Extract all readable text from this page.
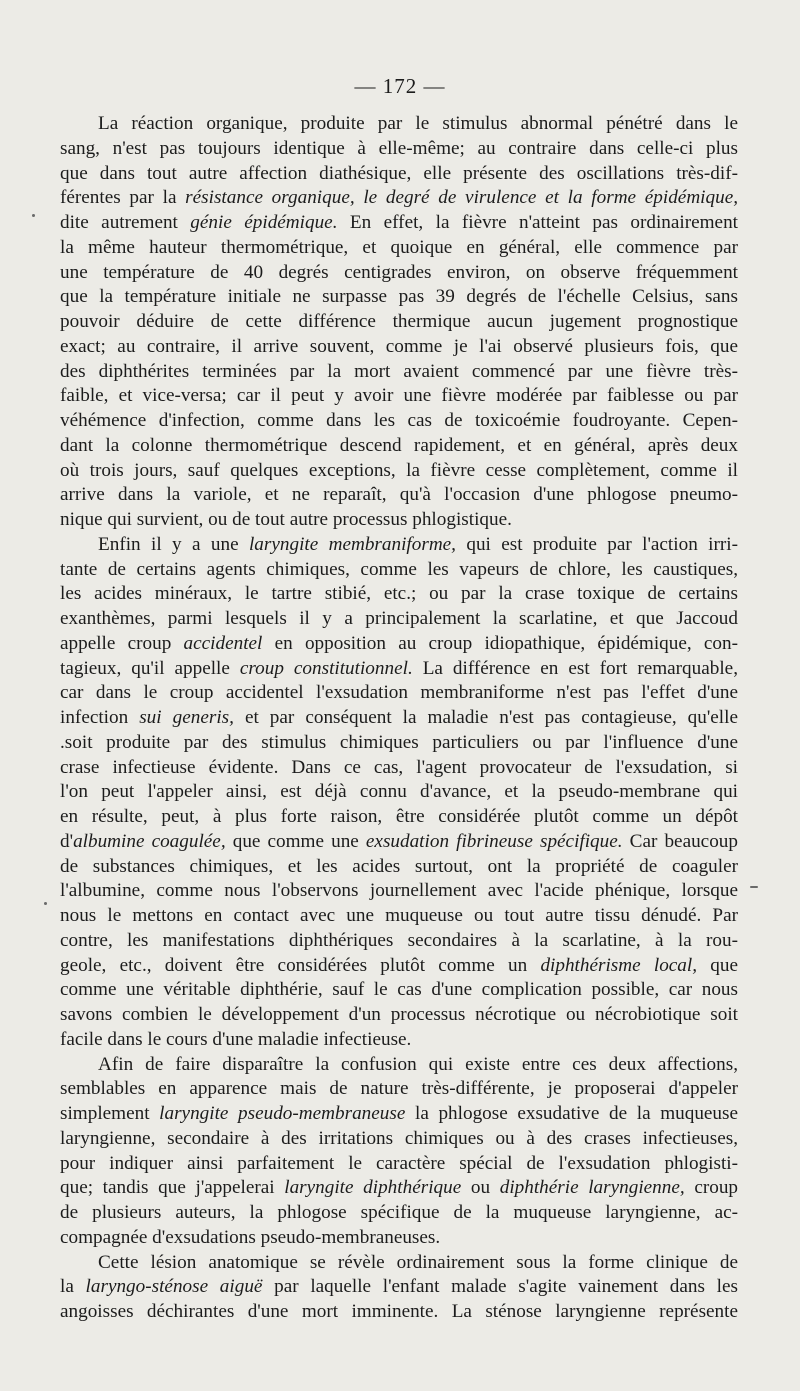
— 172 —
La réaction organique, produite par le stimulus abnormal pénétré dans le
sang, n'est pas toujours identique à elle-même; au contraire dans celle-ci plus
que dans tout autre affection diathésique, elle présente des oscillations très-dif-
férentes par la résistance organique, le degré de virulence et la forme épidémique,
dite autrement génie épidémique. En effet, la fièvre n'atteint pas ordinairement
la même hauteur thermométrique, et quoique en général, elle commence par
une température de 40 degrés centigrades environ, on observe fréquemment
que la température initiale ne surpasse pas 39 degrés de l'échelle Celsius, sans
pouvoir déduire de cette différence thermique aucun jugement prognostique
exact; au contraire, il arrive souvent, comme je l'ai observé plusieurs fois, que
des diphthérites terminées par la mort avaient commencé par une fièvre très-
faible, et vice-versa; car il peut y avoir une fièvre modérée par faiblesse ou par
véhémence d'infection, comme dans les cas de toxicoémie foudroyante. Cepen-
dant la colonne thermométrique descend rapidement, et en général, après deux
où trois jours, sauf quelques exceptions, la fièvre cesse complètement, comme il
arrive dans la variole, et ne reparaît, qu'à l'occasion d'une phlogose pneumo-
nique qui survient, ou de tout autre processus phlogistique.
Enfin il y a une laryngite membraniforme, qui est produite par l'action irri-
tante de certains agents chimiques, comme les vapeurs de chlore, les caustiques,
les acides minéraux, le tartre stibié, etc.; ou par la crase toxique de certains
exanthèmes, parmi lesquels il y a principalement la scarlatine, et que Jaccoud
appelle croup accidentel en opposition au croup idiopathique, épidémique, con-
tagieux, qu'il appelle croup constitutionnel. La différence en est fort remarquable,
car dans le croup accidentel l'exsudation membraniforme n'est pas l'effet d'une
infection sui generis, et par conséquent la maladie n'est pas contagieuse, qu'elle
.soit produite par des stimulus chimiques particuliers ou par l'influence d'une
crase infectieuse évidente. Dans ce cas, l'agent provocateur de l'exsudation, si
l'on peut l'appeler ainsi, est déjà connu d'avance, et la pseudo-membrane qui
en résulte, peut, à plus forte raison, être considérée plutôt comme un dépôt
d'albumine coagulée, que comme une exsudation fibrineuse spécifique. Car beaucoup
de substances chimiques, et les acides surtout, ont la propriété de coaguler
l'albumine, comme nous l'observons journellement avec l'acide phénique, lorsque
nous le mettons en contact avec une muqueuse ou tout autre tissu dénudé. Par
contre, les manifestations diphthériques secondaires à la scarlatine, à la rou-
geole, etc., doivent être considérées plutôt comme un diphthérisme local, que
comme une véritable diphthérie, sauf le cas d'une complication possible, car nous
savons combien le développement d'un processus nécrotique ou nécrobiotique soit
facile dans le cours d'une maladie infectieuse.
Afin de faire disparaître la confusion qui existe entre ces deux affections,
semblables en apparence mais de nature très-différente, je proposerai d'appeler
simplement laryngite pseudo-membraneuse la phlogose exsudative de la muqueuse
laryngienne, secondaire à des irritations chimiques ou à des crases infectieuses,
pour indiquer ainsi parfaitement le caractère spécial de l'exsudation phlogisti-
que; tandis que j'appelerai laryngite diphthérique ou diphthérie laryngienne, croup
de plusieurs auteurs, la phlogose spécifique de la muqueuse laryngienne, ac-
compagnée d'exsudations pseudo-membraneuses.
Cette lésion anatomique se révèle ordinairement sous la forme clinique de
la laryngo-sténose aiguë par laquelle l'enfant malade s'agite vainement dans les
angoisses déchirantes d'une mort imminente. La sténose laryngienne représente
